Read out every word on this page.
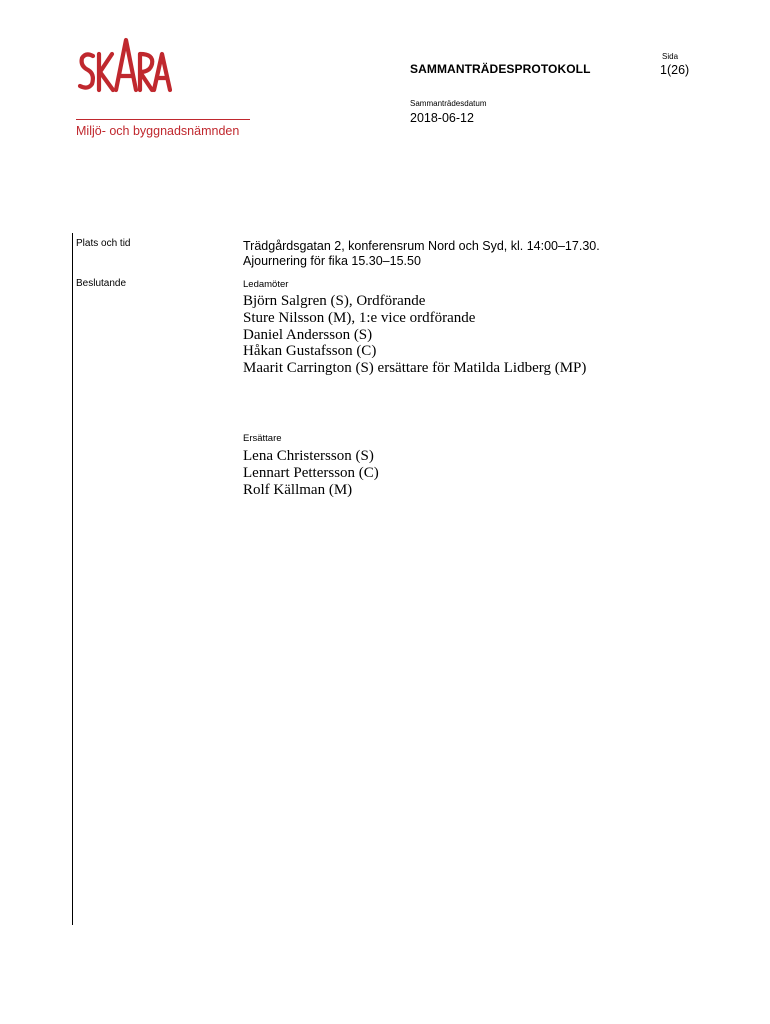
Miljö- och byggnadsnämnden
SAMMANTRÄDESPROTOKOLL
Sida
1(26)
Sammanträdesdatum
2018-06-12
Plats och tid	Trädgårdsgatan 2, konferensrum Nord och Syd, kl. 14:00–17.30.
Ajournering för fika 15.30–15.50
Beslutande	Ledamöter
Björn Salgren (S), Ordförande
Sture Nilsson (M), 1:e vice ordförande
Daniel Andersson (S)
Håkan Gustafsson (C)
Maarit Carrington (S) ersättare för Matilda Lidberg (MP)
Ersättare
Lena Christersson (S)
Lennart Pettersson (C)
Rolf Källman (M)
